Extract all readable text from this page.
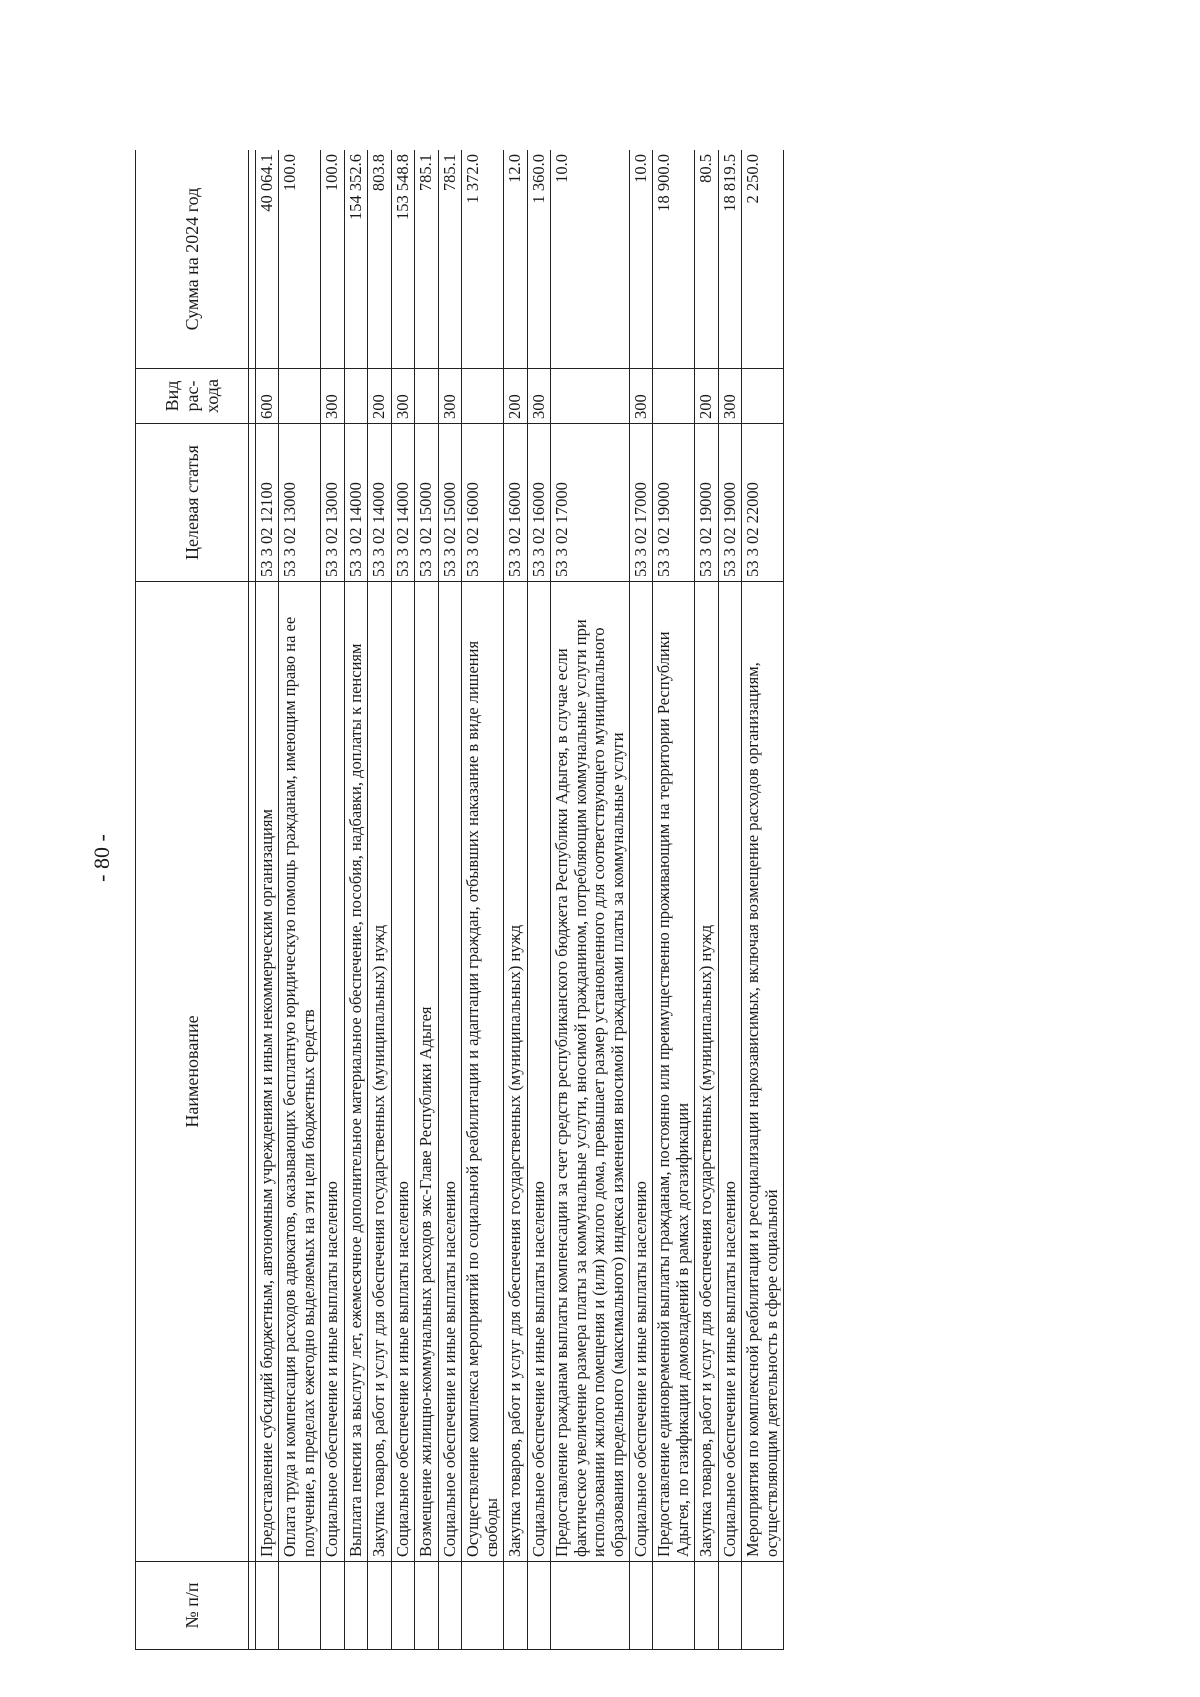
- 80 -
№ п/п	Наименование	Целевая статья	Вид рас-хода	Сумма на 2024 год

	Предоставление субсидий бюджетным, автономным учреждениям и иным некоммерческим организациям	53 3 02 12100	600	40 064.1
	Оплата труда и компенсация расходов адвокатов, оказывающих бесплатную юридическую помощь гражданам, имеющим право на ее получение, в пределах ежегодно выделяемых на эти цели бюджетных средств	53 3 02 13000		100.0
	Социальное обеспечение и иные выплаты населению	53 3 02 13000	300	100.0
	Выплата пенсии за выслугу лет, ежемесячное дополнительное материальное обеспечение, пособия, надбавки, доплаты к пенсиям	53 3 02 14000		154 352.6
	Закупка товаров, работ и услуг для обеспечения государственных (муниципальных) нужд	53 3 02 14000	200	803.8
	Социальное обеспечение и иные выплаты населению	53 3 02 14000	300	153 548.8
	Возмещение жилищно-коммунальных расходов экс-Главе Республики Адыгея	53 3 02 15000		785.1
	Социальное обеспечение и иные выплаты населению	53 3 02 15000	300	785.1
	Осуществление комплекса мероприятий по социальной реабилитации и адаптации граждан, отбывших наказание в виде лишения свободы	53 3 02 16000		1 372.0
	Закупка товаров, работ и услуг для обеспечения государственных (муниципальных) нужд	53 3 02 16000	200	12.0
	Социальное обеспечение и иные выплаты населению	53 3 02 16000	300	1 360.0
	Предоставление гражданам выплаты компенсации за счет средств республиканского бюджета Республики Адыгея, в случае если фактическое увеличение размера платы за коммунальные услуги, вносимой гражданином, потребляющим коммунальные услуги при использовании жилого помещения и (или) жилого дома, превышает размер установленного для соответствующего муниципального образования предельного (максимального) индекса изменения вносимой гражданами платы за коммунальные услуги	53 3 02 17000		10.0
	Социальное обеспечение и иные выплаты населению	53 3 02 17000	300	10.0
	Предоставление единовременной выплаты гражданам, постоянно или преимущественно проживающим на территории Республики Адыгея, по газификации домовладений в рамках догазификации	53 3 02 19000		18 900.0
	Закупка товаров, работ и услуг для обеспечения государственных (муниципальных) нужд	53 3 02 19000	200	80.5
	Социальное обеспечение и иные выплаты населению	53 3 02 19000	300	18 819.5
	Мероприятия по комплексной реабилитации и ресоциализации наркозависимых, включая возмещение расходов организациям, осуществляющим деятельность в сфере социальной	53 3 02 22000		2 250.0
